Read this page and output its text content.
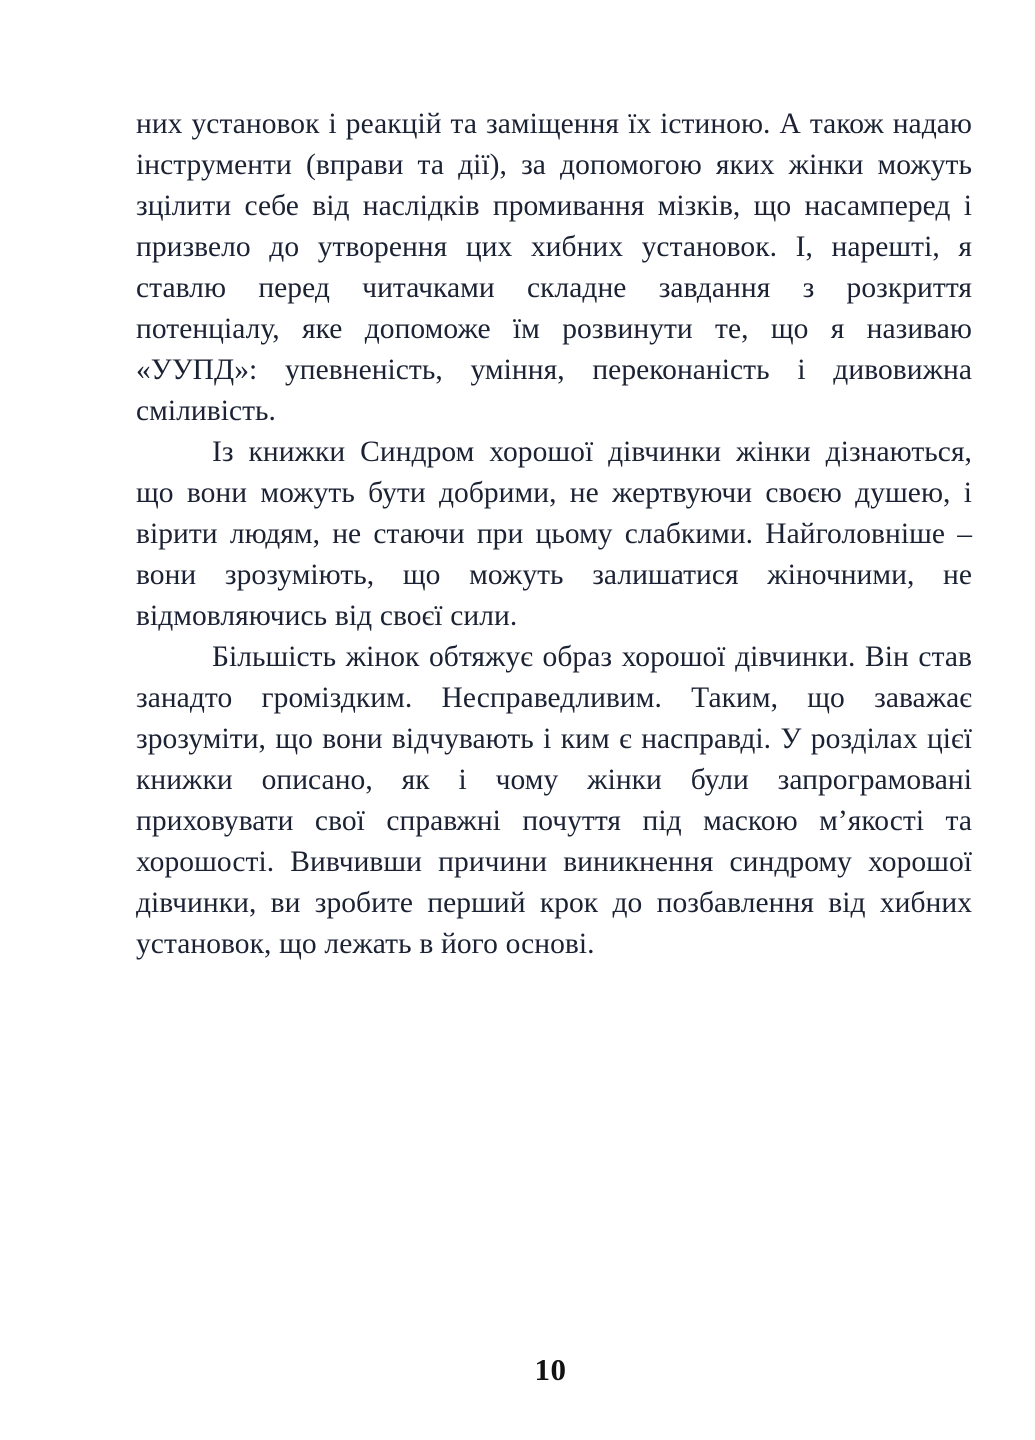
них установок і реакцій та заміщення їх істиною. А також надаю інструменти (вправи та дії), за допомогою яких жінки можуть зцілити себе від наслідків промивання мізків, що насамперед і призвело до утворення цих хибних установок. І, нарешті, я ставлю перед читачками складне завдання з розкриття потенціалу, яке допоможе їм розвинути те, що я називаю «УУПД»: упевненість, уміння, переконаність і дивовижна сміливість.

Із книжки Синдром хорошої дівчинки жінки дізнаються, що вони можуть бути добрими, не жертвуючи своєю душею, і вірити людям, не стаючи при цьому слабкими. Найголовніше – вони зрозуміють, що можуть залишатися жіночними, не відмовляючись від своєї сили.

Більшість жінок обтяжує образ хорошої дівчинки. Він став занадто громіздким. Несправедливим. Таким, що заважає зрозуміти, що вони відчувають і ким є насправді. У розділах цієї книжки описано, як і чому жінки були запрограмовані приховувати свої справжні почуття під маскою м’якості та хорошості. Вивчивши причини виникнення синдрому хорошої дівчинки, ви зробите перший крок до позбавлення від хибних установок, що лежать в його основі.

10
